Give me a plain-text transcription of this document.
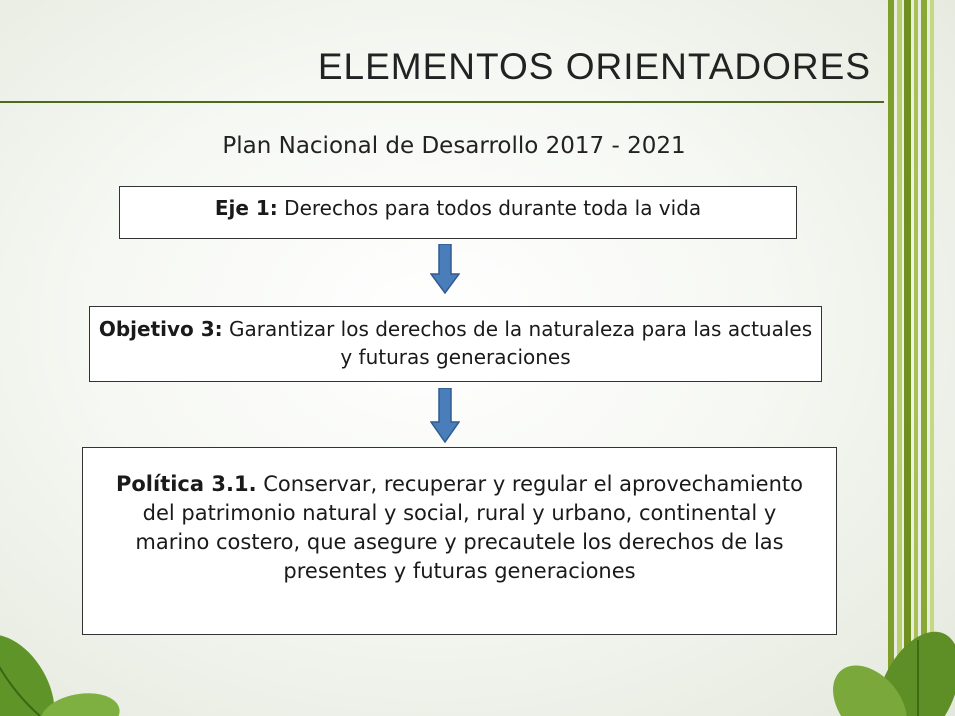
ELEMENTOS ORIENTADORES
Plan Nacional de Desarrollo 2017 - 2021
Eje 1: Derechos para todos durante toda la vida
Objetivo 3: Garantizar los derechos de la naturaleza para las actuales y futuras generaciones
Política 3.1. Conservar, recuperar y regular el aprovechamiento del patrimonio natural y social, rural y urbano, continental y marino costero, que asegure y precautele los derechos de las presentes y futuras generaciones
